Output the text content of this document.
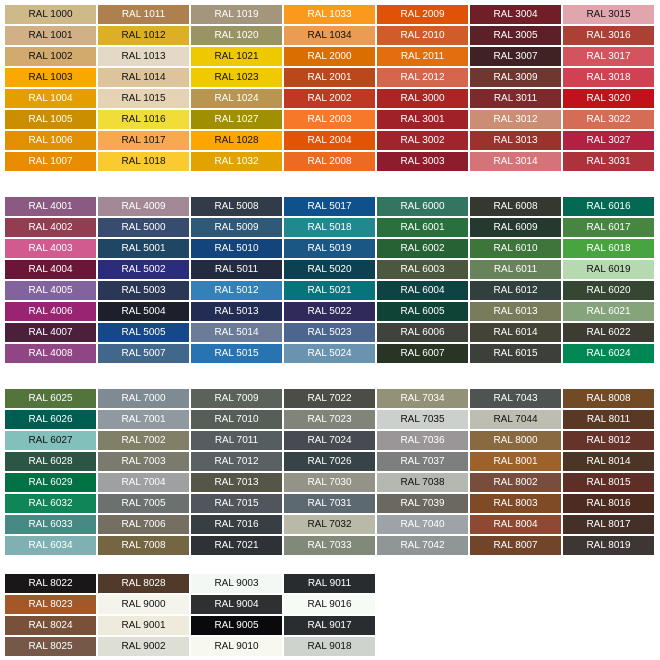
RAL 1000
RAL 1001
RAL 1002
RAL 1003
RAL 1004
RAL 1005
RAL 1006
RAL 1007
RAL 1011
RAL 1012
RAL 1013
RAL 1014
RAL 1015
RAL 1016
RAL 1017
RAL 1018
RAL 1019
RAL 1020
RAL 1021
RAL 1023
RAL 1024
RAL 1027
RAL 1028
RAL 1032
RAL 1033
RAL 1034
RAL 2000
RAL 2001
RAL 2002
RAL 2003
RAL 2004
RAL 2008
RAL 2009
RAL 2010
RAL 2011
RAL 2012
RAL 3000
RAL 3001
RAL 3002
RAL 3003
RAL 3004
RAL 3005
RAL 3007
RAL 3009
RAL 3011
RAL 3012
RAL 3013
RAL 3014
RAL 3015
RAL 3016
RAL 3017
RAL 3018
RAL 3020
RAL 3022
RAL 3027
RAL 3031
RAL 4001
RAL 4002
RAL 4003
RAL 4004
RAL 4005
RAL 4006
RAL 4007
RAL 4008
RAL 4009
RAL 5000
RAL 5001
RAL 5002
RAL 5003
RAL 5004
RAL 5005
RAL 5007
RAL 5008
RAL 5009
RAL 5010
RAL 5011
RAL 5012
RAL 5013
RAL 5014
RAL 5015
RAL 5017
RAL 5018
RAL 5019
RAL 5020
RAL 5021
RAL 5022
RAL 5023
RAL 5024
RAL 6000
RAL 6001
RAL 6002
RAL 6003
RAL 6004
RAL 6005
RAL 6006
RAL 6007
RAL 6008
RAL 6009
RAL 6010
RAL 6011
RAL 6012
RAL 6013
RAL 6014
RAL 6015
RAL 6016
RAL 6017
RAL 6018
RAL 6019
RAL 6020
RAL 6021
RAL 6022
RAL 6024
RAL 6025
RAL 6026
RAL 6027
RAL 6028
RAL 6029
RAL 6032
RAL 6033
RAL 6034
RAL 7000
RAL 7001
RAL 7002
RAL 7003
RAL 7004
RAL 7005
RAL 7006
RAL 7008
RAL 7009
RAL 7010
RAL 7011
RAL 7012
RAL 7013
RAL 7015
RAL 7016
RAL 7021
RAL 7022
RAL 7023
RAL 7024
RAL 7026
RAL 7030
RAL 7031
RAL 7032
RAL 7033
RAL 7034
RAL 7035
RAL 7036
RAL 7037
RAL 7038
RAL 7039
RAL 7040
RAL 7042
RAL 7043
RAL 7044
RAL 8000
RAL 8001
RAL 8002
RAL 8003
RAL 8004
RAL 8007
RAL 8008
RAL 8011
RAL 8012
RAL 8014
RAL 8015
RAL 8016
RAL 8017
RAL 8019
RAL 8022
RAL 8023
RAL 8024
RAL 8025
RAL 8028
RAL 9000
RAL 9001
RAL 9002
RAL 9003
RAL 9004
RAL 9005
RAL 9010
RAL 9011
RAL 9016
RAL 9017
RAL 9018
